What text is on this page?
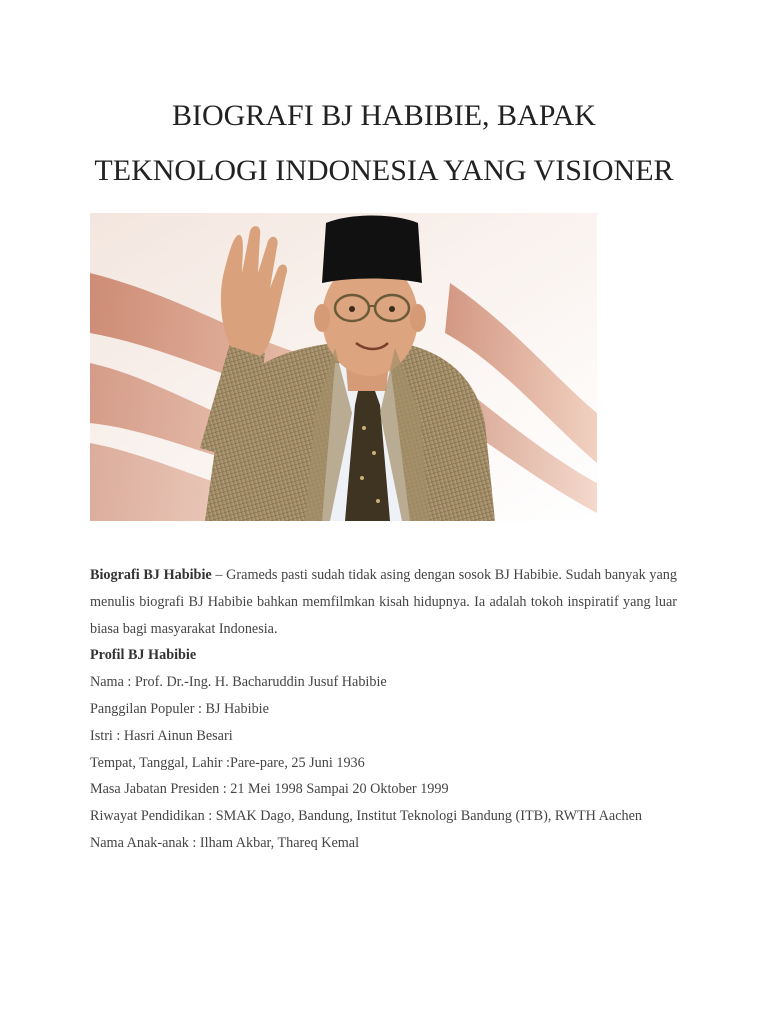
BIOGRAFI BJ HABIBIE, BAPAK
TEKNOLOGI INDONESIA YANG VISIONER

Biografi BJ Habibie – Grameds pasti sudah tidak asing dengan sosok BJ Habibie. Sudah banyak yang menulis biografi BJ Habibie bahkan memfilmkan kisah hidupnya. Ia adalah tokoh inspiratif yang luar biasa bagi masyarakat Indonesia.

Profil BJ Habibie

Nama : Prof. Dr.-Ing. H. Bacharuddin Jusuf Habibie

Panggilan Populer : BJ Habibie

Istri : Hasri Ainun Besari

Tempat, Tanggal, Lahir :Pare-pare, 25 Juni 1936

Masa Jabatan Presiden : 21 Mei 1998 Sampai 20 Oktober 1999

Riwayat Pendidikan : SMAK Dago, Bandung, Institut Teknologi Bandung (ITB), RWTH Aachen

Nama Anak-anak : Ilham Akbar, Thareq Kemal
